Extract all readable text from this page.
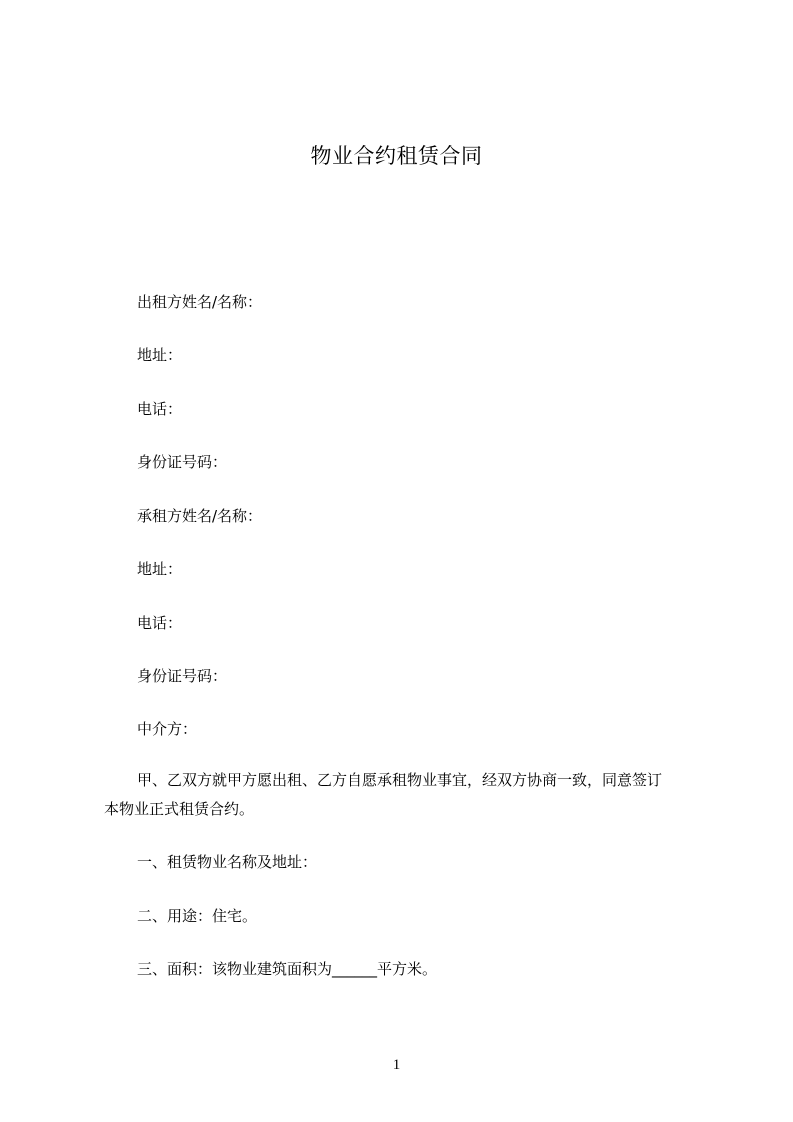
物业合约租赁合同
出租方姓名/名称：
地址：
电话：
身份证号码：
承租方姓名/名称：
地址：
电话：
身份证号码：
中介方：
甲、乙双方就甲方愿出租、乙方自愿承租物业事宜，经双方协商一致，同意签订
本物业正式租赁合约。
一、租赁物业名称及地址：
二、用途：住宅。
三、面积：该物业建筑面积为______平方米。
1
